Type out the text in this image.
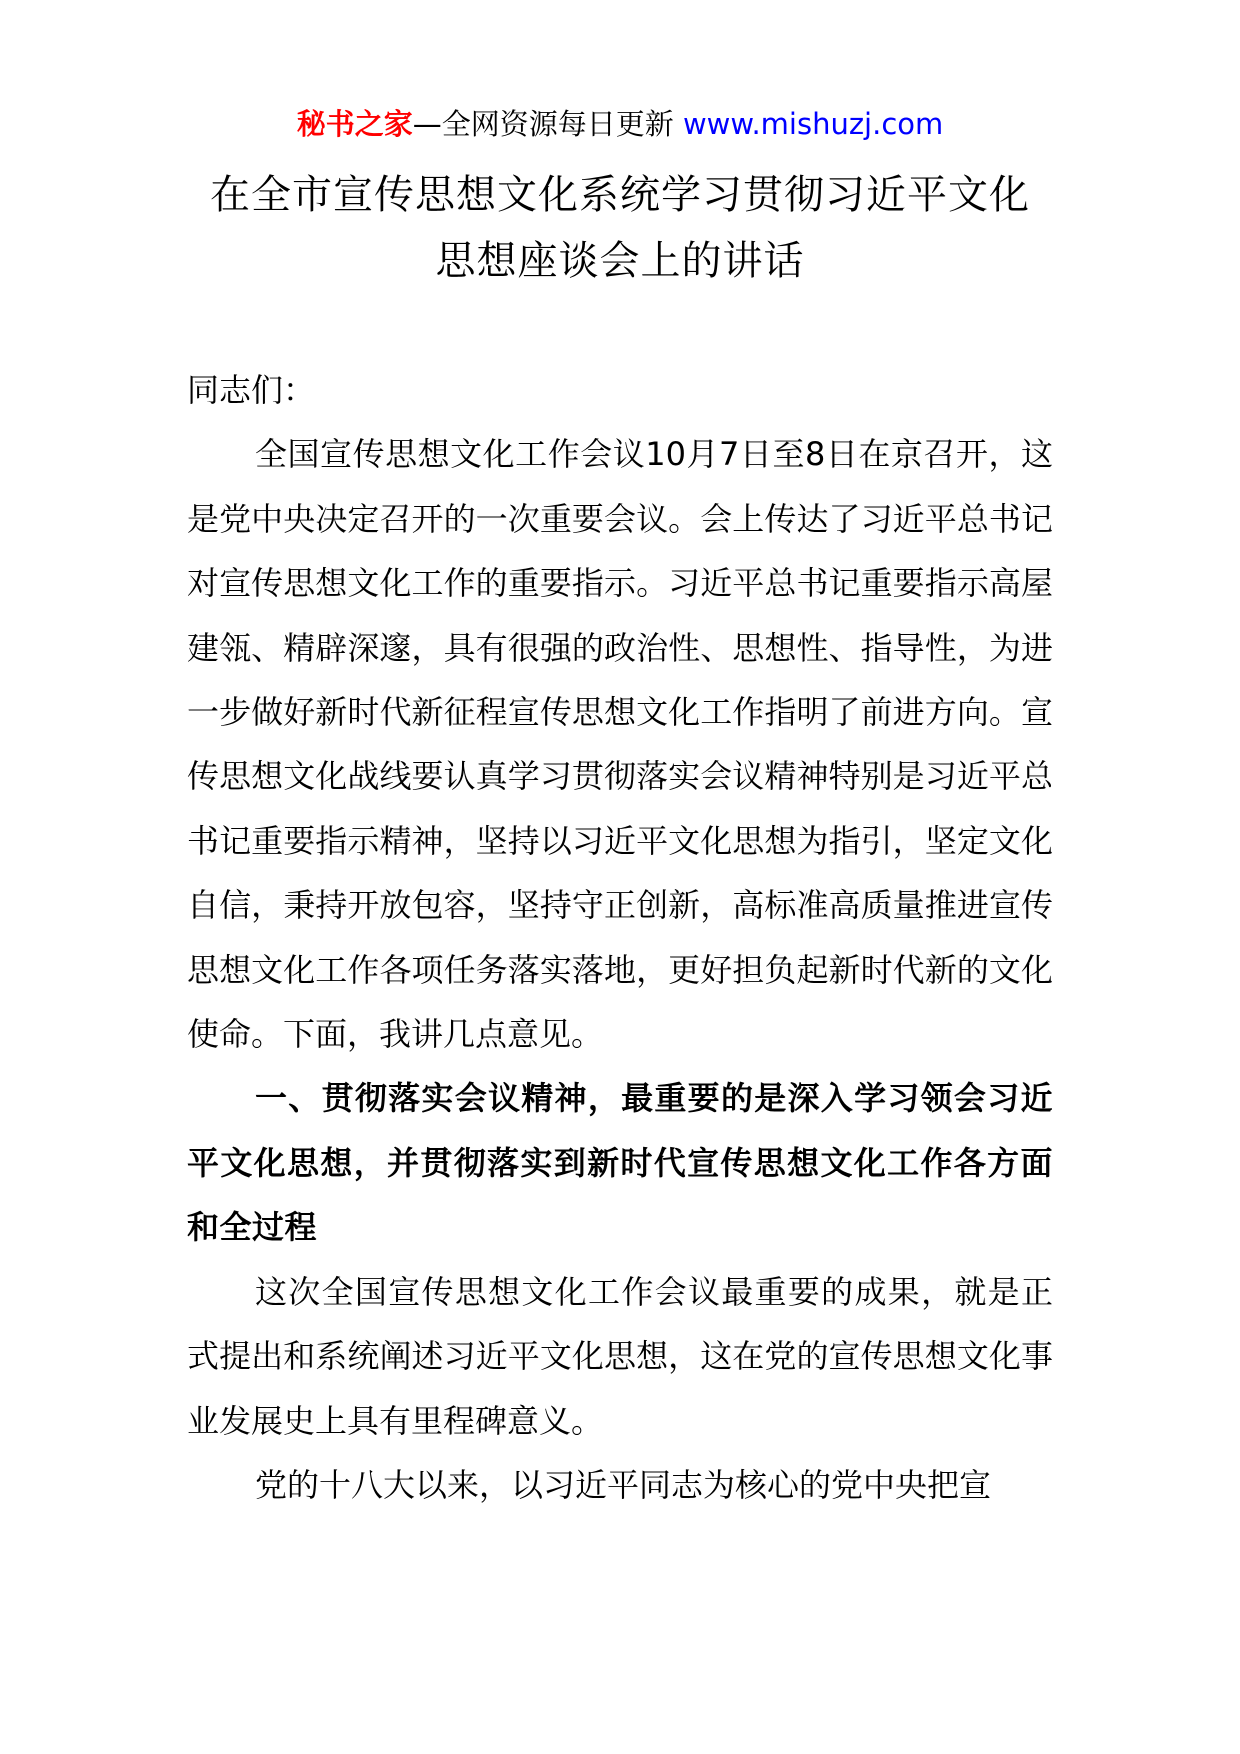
秘书之家—全网资源每日更新 www.mishuzj.com
在全市宣传思想文化系统学习贯彻习近平文化
思想座谈会上的讲话

同志们：

全国宣传思想文化工作会议10月7日至8日在京召开，这是党中央决定召开的一次重要会议。会上传达了习近平总书记对宣传思想文化工作的重要指示。习近平总书记重要指示高屋建瓴、精辟深邃，具有很强的政治性、思想性、指导性，为进一步做好新时代新征程宣传思想文化工作指明了前进方向。宣传思想文化战线要认真学习贯彻落实会议精神特别是习近平总书记重要指示精神，坚持以习近平文化思想为指引，坚定文化自信，秉持开放包容，坚持守正创新，高标准高质量推进宣传思想文化工作各项任务落实落地，更好担负起新时代新的文化使命。下面，我讲几点意见。

一、贯彻落实会议精神，最重要的是深入学习领会习近平文化思想，并贯彻落实到新时代宣传思想文化工作各方面和全过程

这次全国宣传思想文化工作会议最重要的成果，就是正式提出和系统阐述习近平文化思想，这在党的宣传思想文化事业发展史上具有里程碑意义。

党的十八大以来，以习近平同志为核心的党中央把宣
